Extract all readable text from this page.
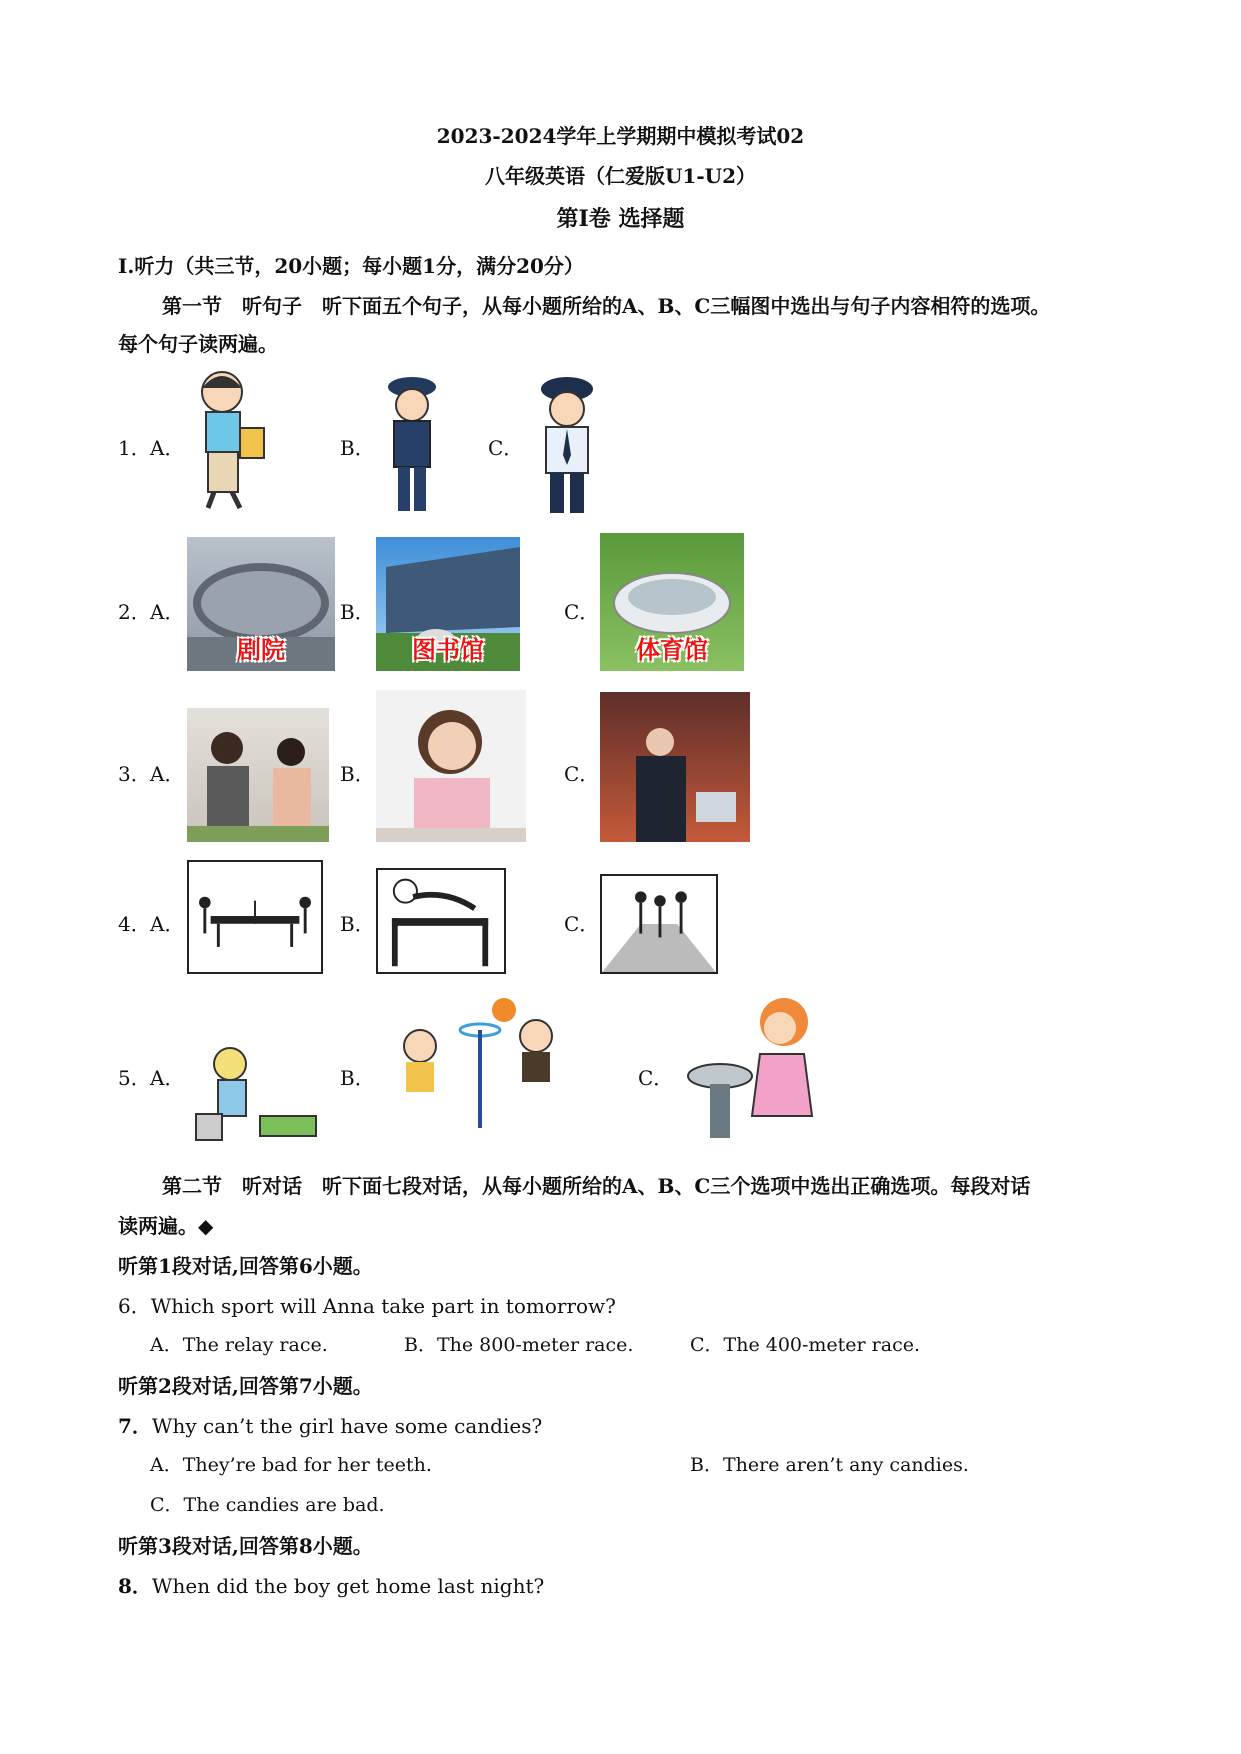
2023-2024学年上学期期中模拟考试02
八年级英语（仁爱版U1-U2）
第Ⅰ卷 选择题
I.听力（共三节，20小题；每小题1分，满分20分）
第一节　听句子　听下面五个句子，从每小题所给的A、B、C三幅图中选出与句子内容相符的选项。
每个句子读两遍。
1． A．	B．	C．
2． A．
剧院
B．
图书馆
C．
体育馆
3． A．	B．	C．
4． A．	B．	C．
5． A．	B．	C．
第二节　听对话　听下面七段对话，从每小题所给的A、B、C三个选项中选出正确选项。每段对话
读两遍。◆
听第1段对话,回答第6小题。
6．Which sport will Anna take part in tomorrow?
A．The relay race.	B．The 800-meter race.	C．The 400-meter race.
听第2段对话,回答第7小题。
7．Why can’t the girl have some candies?
A．They’re bad for her teeth.	B．There aren’t any candies.
C．The candies are bad.
听第3段对话,回答第8小题。
8．When did the boy get home last night?
